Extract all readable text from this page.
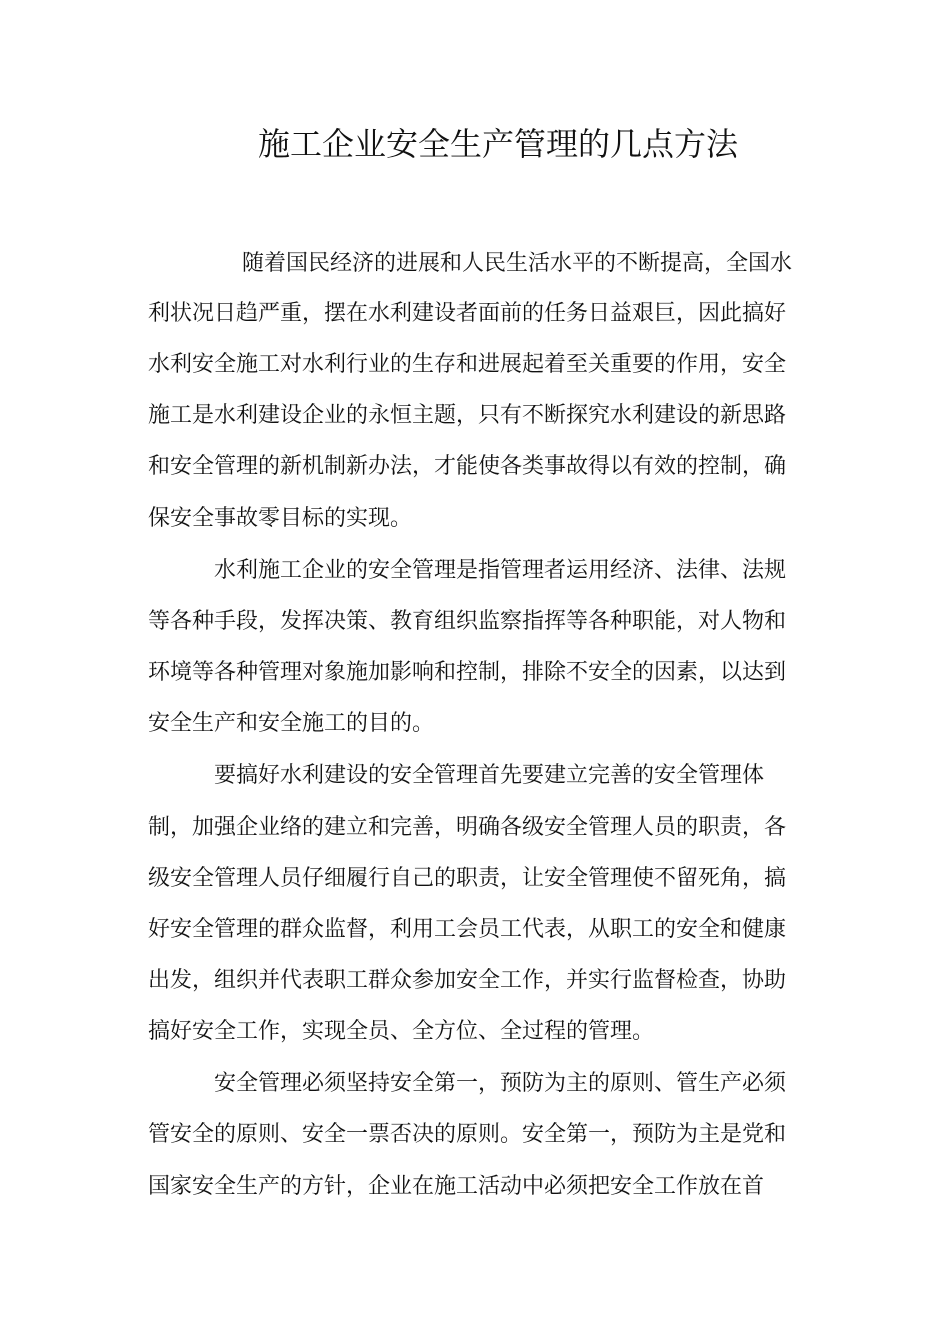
施工企业安全生产管理的几点方法

随着国民经济的进展和人民生活水平的不断提高，全国水

利状况日趋严重，摆在水利建设者面前的任务日益艰巨，因此搞好

水利安全施工对水利行业的生存和进展起着至关重要的作用，安全

施工是水利建设企业的永恒主题，只有不断探究水利建设的新思路

和安全管理的新机制新办法，才能使各类事故得以有效的控制，确

保安全事故零目标的实现。

水利施工企业的安全管理是指管理者运用经济、法律、法规

等各种手段，发挥决策、教育组织监察指挥等各种职能，对人物和

环境等各种管理对象施加影响和控制，排除不安全的因素，以达到

安全生产和安全施工的目的。

要搞好水利建设的安全管理首先要建立完善的安全管理体

制，加强企业络的建立和完善，明确各级安全管理人员的职责，各

级安全管理人员仔细履行自己的职责，让安全管理使不留死角，搞

好安全管理的群众监督，利用工会员工代表，从职工的安全和健康

出发，组织并代表职工群众参加安全工作，并实行监督检查，协助

搞好安全工作，实现全员、全方位、全过程的管理。

安全管理必须坚持安全第一，预防为主的原则、管生产必须

管安全的原则、安全一票否决的原则。安全第一，预防为主是党和

国家安全生产的方针，企业在施工活动中必须把安全工作放在首
